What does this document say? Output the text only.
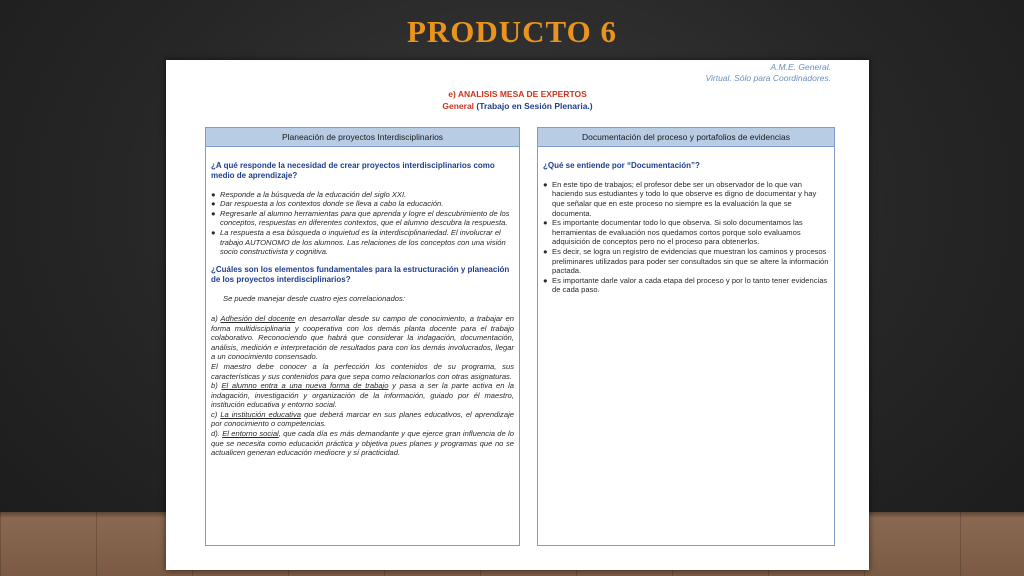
PRODUCTO 6
A.M.E. General.
Virtual. Sólo para Coordinadores.
e) ANALISIS MESA DE EXPERTOS
General (Trabajo en Sesión Plenaria.)
Planeación de proyectos Interdisciplinarios

¿A qué responde la necesidad de crear proyectos interdisciplinarios como medio de aprendizaje?

● Responde a la búsqueda de la educación del siglo XXI.
● Dar respuesta a los contextos donde se lleva a cabo la educación.
● Regresarle al alumno herramientas para que aprenda y logre el descubrimiento de los conceptos, respuestas en diferentes contextos, que el alumno descubra la respuesta.
● La respuesta a esa búsqueda o inquietud es la interdisciplinariedad. El involucrar el trabajo AUTONOMO de los alumnos. Las relaciones de los conceptos con una visión socio constructivista y cognitiva.

¿Cuáles son los elementos fundamentales para la estructuración y planeación de los proyectos interdisciplinarios?

Se puede manejar desde cuatro ejes correlacionados:

a) Adhesión del docente en desarrollar desde su campo de conocimiento, a trabajar en forma multidisciplinaria y cooperativa con los demás planta docente para el trabajo colaborativo. Reconociendo que habrá que considerar la indagación, documentación, análisis, medición e interpretación de resultados para con los demás involucrados, llegar a un conocimiento consensado.

El maestro debe conocer a la perfección los contenidos de su programa, sus características y sus contenidos para que sepa como relacionarlos con otras asignaturas.

b) El alumno entra a una nueva forma de trabajo y pasa a ser la parte activa en la indagación, investigación y organización de la información, guiado por él maestro, institución educativa y entorno social.

c) La institución educativa que deberá marcar en sus planes educativos, el aprendizaje por conocimiento o competencias.

d). El entorno social, que cada día es más demandante y que ejerce gran influencia de lo que se necesita como educación práctica y objetiva pues planes y programas que no se actualicen generan educación mediocre y sí practicidad.

Documentación del proceso y portafolios de evidencias

¿Qué se entiende por “Documentación”?

● En este tipo de trabajos; el profesor debe ser un observador de lo que van haciendo sus estudiantes y todo lo que observe es digno de documentar y hay que señalar que en este proceso no siempre es la evaluación la que se documenta.
● Es importante documentar todo lo que observa. Si solo documentamos las herramientas de evaluación nos quedamos cortos porque solo evaluamos adquisición de conceptos pero no el proceso para obtenerlos.
● Es decir, se logra un registro de evidencias que muestran los caminos y procesos preliminares utilizados para poder ser consultados sin que se altere la información pactada.
● Es importante darle valor a cada etapa del proceso y por lo tanto tener evidencias de cada paso.
